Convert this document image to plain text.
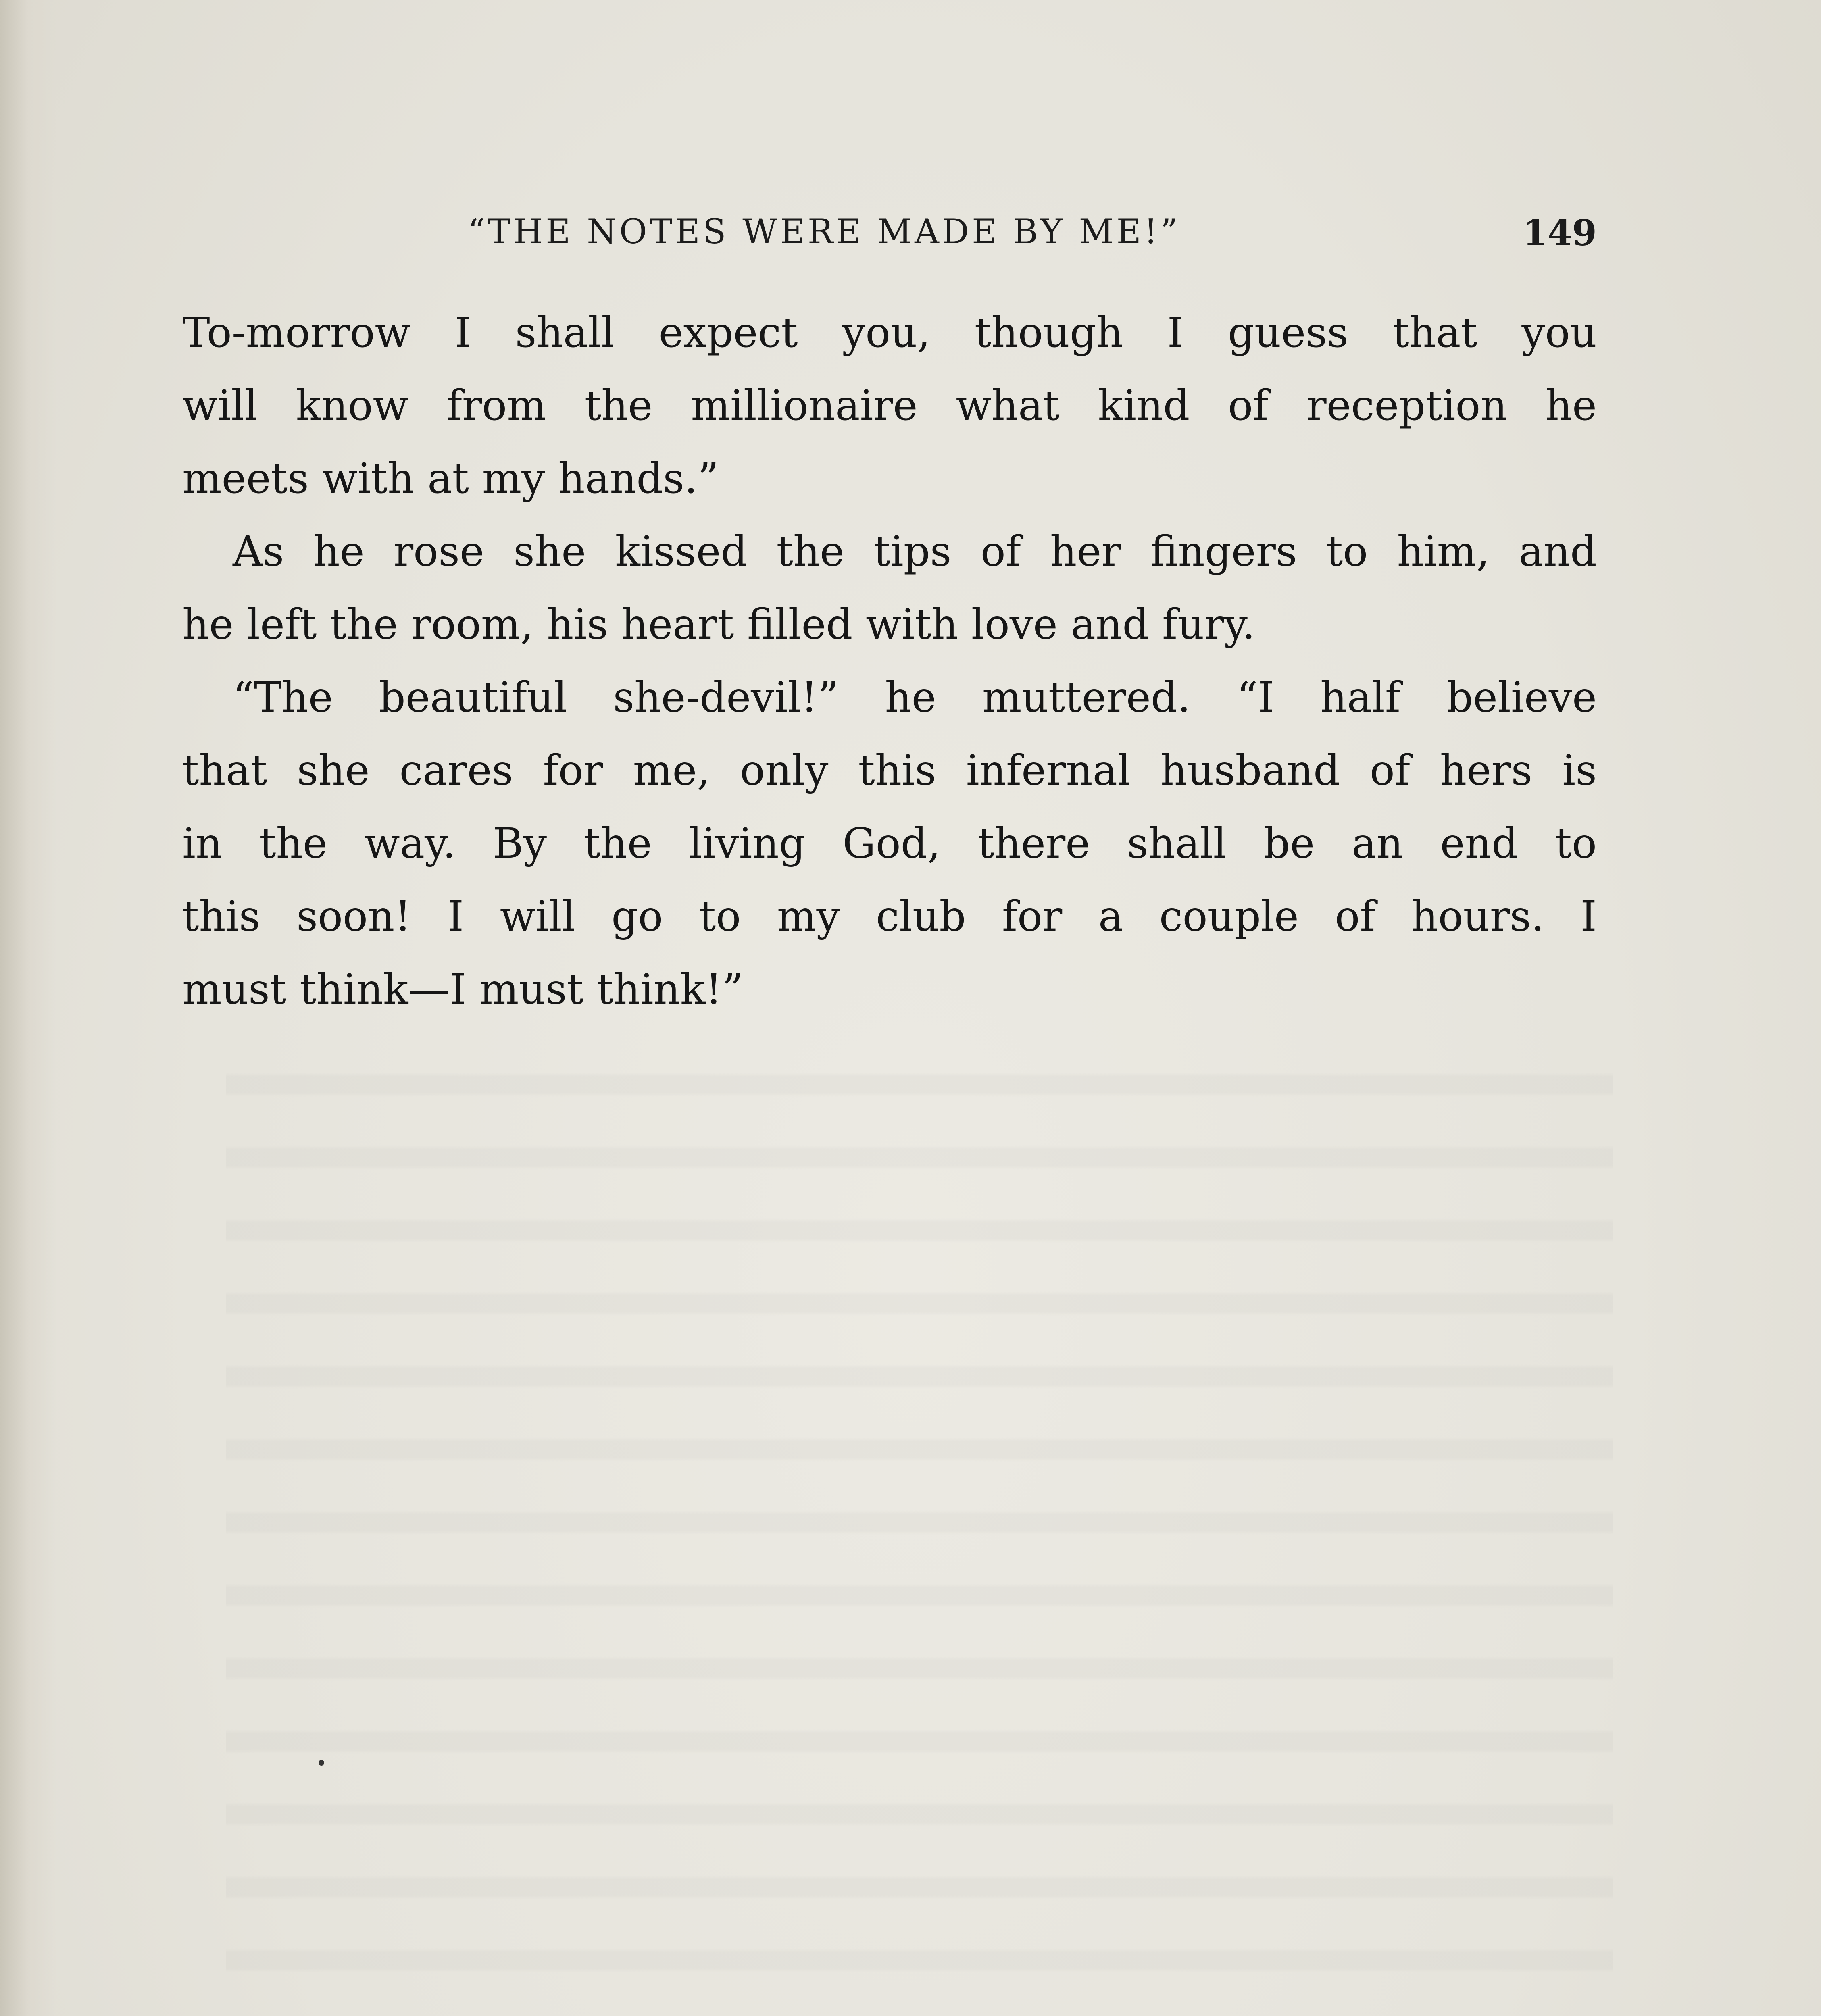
“THE NOTES WERE MADE BY ME!”	149
To-morrow I shall expect you, though I guess that you
will know from the millionaire what kind of reception he
meets with at my hands.”
As he rose she kissed the tips of her fingers to him, and
he left the room, his heart filled with love and fury.
“The beautiful she-devil!” he muttered. “I half believe
that she cares for me, only this infernal husband of hers is
in the way. By the living God, there shall be an end to
this soon! I will go to my club for a couple of hours. I
must think—I must think!”
